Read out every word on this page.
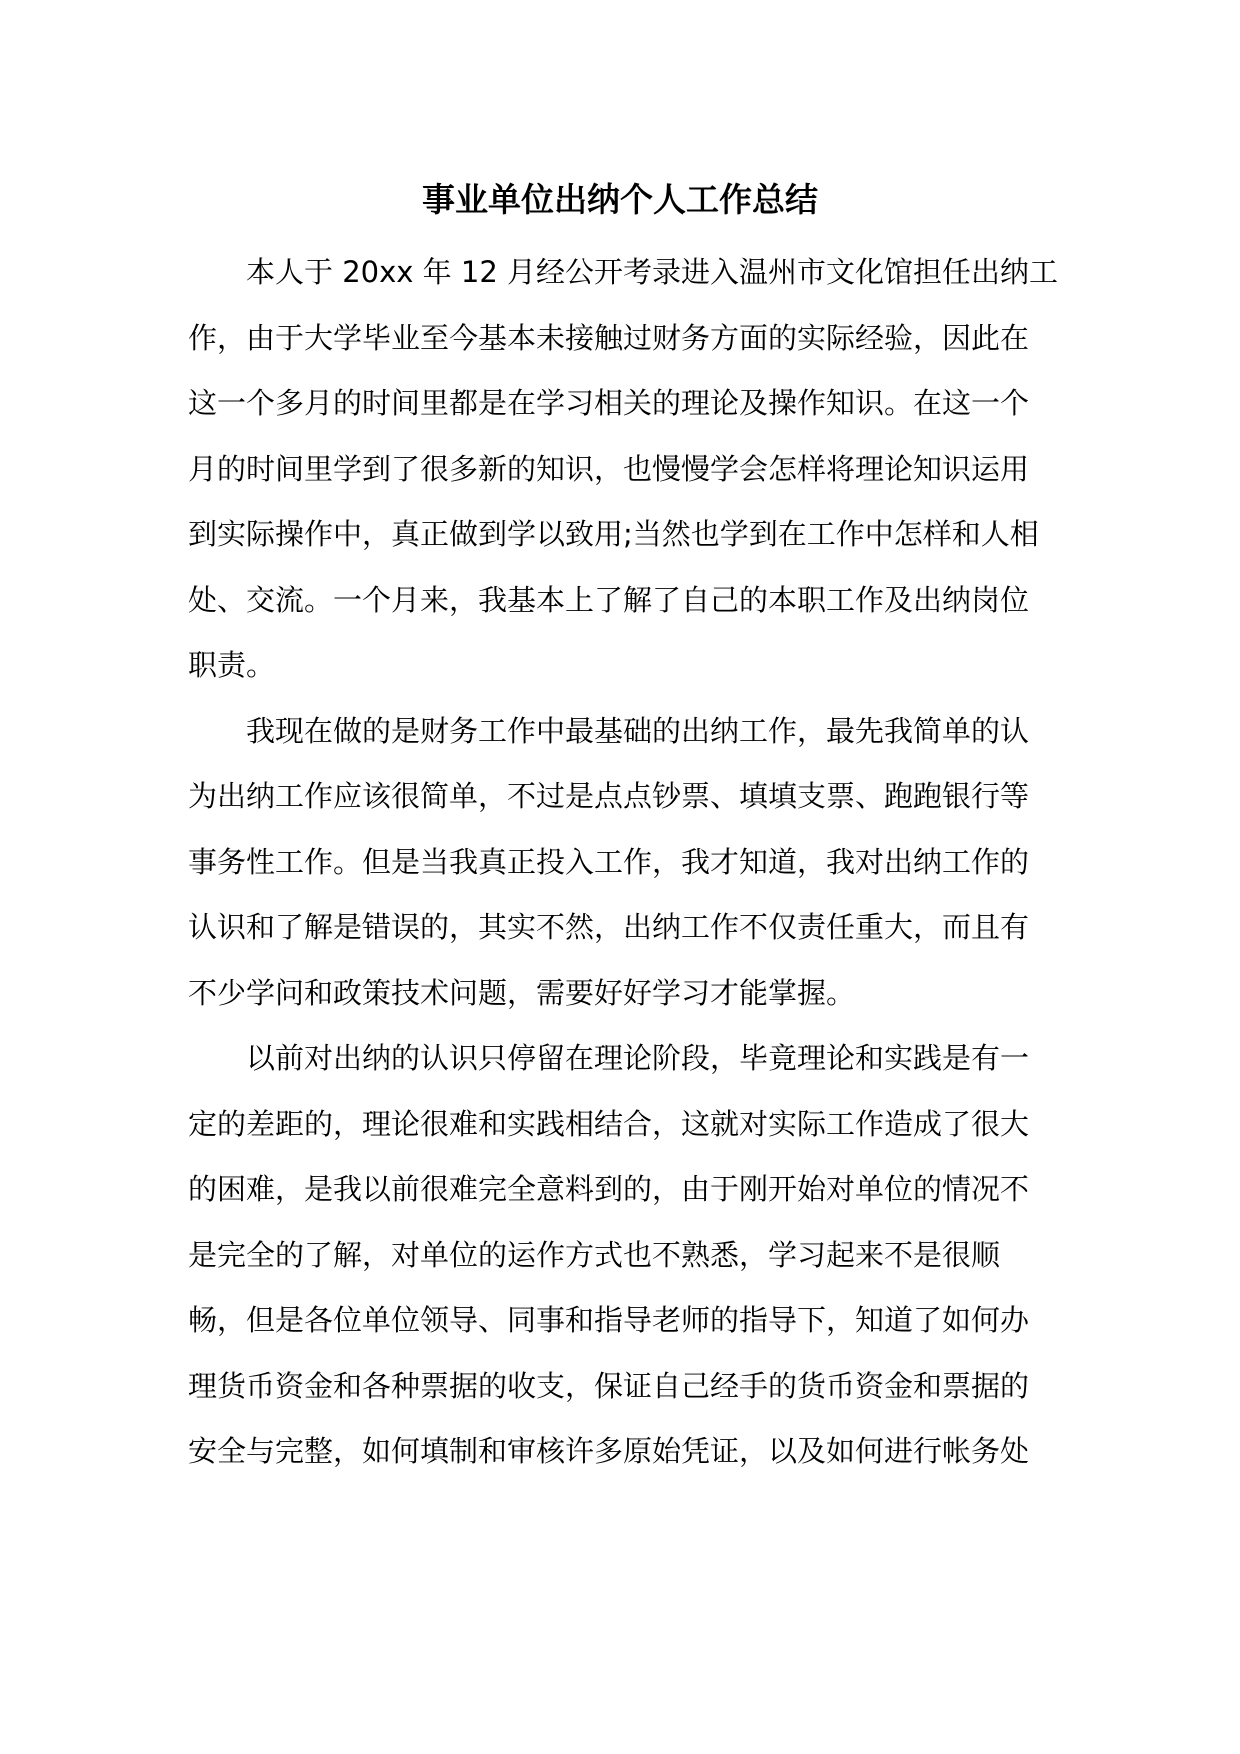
事业单位出纳个人工作总结
本人于 20xx 年 12 月经公开考录进入温州市文化馆担任出纳工
作，由于大学毕业至今基本未接触过财务方面的实际经验，因此在
这一个多月的时间里都是在学习相关的理论及操作知识。在这一个
月的时间里学到了很多新的知识，也慢慢学会怎样将理论知识运用
到实际操作中，真正做到学以致用;当然也学到在工作中怎样和人相
处、交流。一个月来，我基本上了解了自己的本职工作及出纳岗位
职责。
我现在做的是财务工作中最基础的出纳工作，最先我简单的认
为出纳工作应该很简单，不过是点点钞票、填填支票、跑跑银行等
事务性工作。但是当我真正投入工作，我才知道，我对出纳工作的
认识和了解是错误的，其实不然，出纳工作不仅责任重大，而且有
不少学问和政策技术问题，需要好好学习才能掌握。
以前对出纳的认识只停留在理论阶段，毕竟理论和实践是有一
定的差距的，理论很难和实践相结合，这就对实际工作造成了很大
的困难，是我以前很难完全意料到的，由于刚开始对单位的情况不
是完全的了解，对单位的运作方式也不熟悉，学习起来不是很顺
畅，但是各位单位领导、同事和指导老师的指导下，知道了如何办
理货币资金和各种票据的收支，保证自己经手的货币资金和票据的
安全与完整，如何填制和审核许多原始凭证，以及如何进行帐务处
